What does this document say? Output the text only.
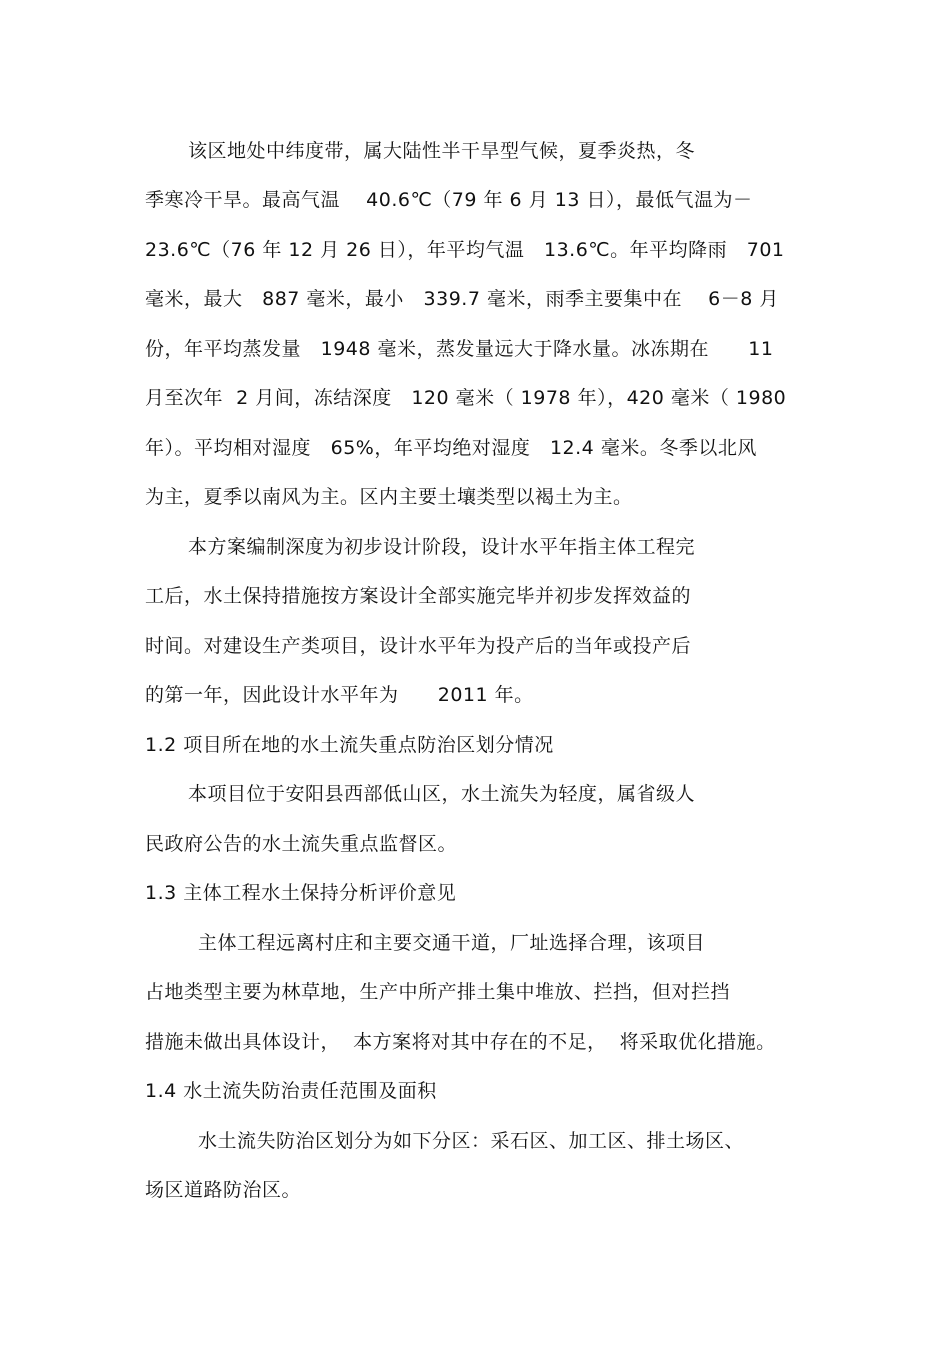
该区地处中纬度带，属大陆性半干旱型气候，夏季炎热，冬
季寒冷干旱。最高气温    40.6℃（79 年 6 月 13 日），最低气温为－
23.6℃（76 年 12 月 26 日），年平均气温   13.6℃。年平均降雨   701
毫米，最大   887 毫米，最小   339.7 毫米，雨季主要集中在    6－8 月
份，年平均蒸发量   1948 毫米，蒸发量远大于降水量。冰冻期在      11
月至次年  2 月间，冻结深度   120 毫米（ 1978 年），420 毫米（ 1980
年）。平均相对湿度   65%，年平均绝对湿度   12.4 毫米。冬季以北风
为主，夏季以南风为主。区内主要土壤类型以褐土为主。
本方案编制深度为初步设计阶段，设计水平年指主体工程完
工后，水土保持措施按方案设计全部实施完毕并初步发挥效益的
时间。对建设生产类项目，设计水平年为投产后的当年或投产后
的第一年，因此设计水平年为      2011 年。
1.2 项目所在地的水土流失重点防治区划分情况
本项目位于安阳县西部低山区，水土流失为轻度，属省级人
民政府公告的水土流失重点监督区。
1.3 主体工程水土保持分析评价意见
主体工程远离村庄和主要交通干道，厂址选择合理，该项目
占地类型主要为林草地，生产中所产排土集中堆放、拦挡，但对拦挡
措施未做出具体设计，  本方案将对其中存在的不足，  将采取优化措施。
1.4 水土流失防治责任范围及面积
水土流失防治区划分为如下分区：采石区、加工区、排土场区、
场区道路防治区。
